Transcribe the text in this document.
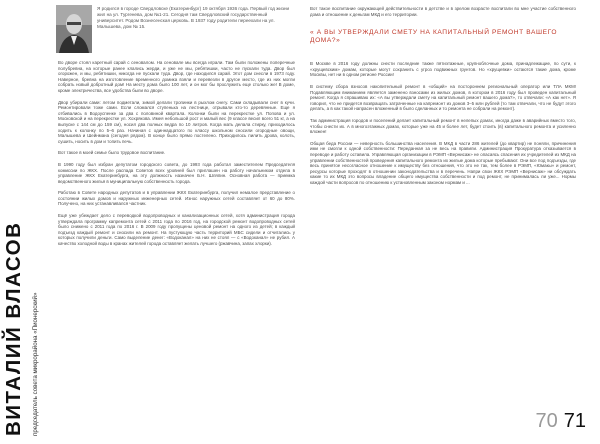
ВИТАЛИЙ ВЛАСОВ председатель совета микрорайона «Пионерский»
Я родился в городе Свердловске (Екатеринбург) 19 октября 1936 года. Первый год жизни жил на ул. Тургенева, дом №1-21. Сегодня там Свердловский государственный университет. Родом Вознесенская церковь. В 1937 году родители переехали на ул. Малышева, дом № 15.

Во дворе стоял каретный сарай с сеновалом. На сеновале мы всегда играли. Там были положены поперечные полубревна, на которые ранее клались жерди, и уже не мы, ребятишки, часто не пускали туда. Двор был огорожен, и мы, ребятишки, никогда не пускали туда. Двор, где находился сарай. Этот дом снесли в 1973 году. Наверное, бревна на изготовление временного домика взяли и перевезли в другое место, где из них могли собрать новый добротный дом! На месту дома было 100 лет, и он мог бы прослужить еще столько же! В доме, кроме электричества, все удобства были во дворе.

Двор убирали сами: летом подметали, зимой делали тропинки в рыхлом снегу. Сами складывали снег в кучи. Ремонтировали тоже сами. Если сломался ступенька на лестнице, отрывали кто-то деревянные. Еще я отбивались в Водоуспенке за два с половиной квартала. Колонки были на перекрестке ул. Попова и ул. Московской и на перекрестке ул. Хохрякова. Имея небольшой рост и малый вес (9 классе весил всего 51 кг, а на выпуске с 144 см до 159 см), носил два полных ведра по 10 литров. Когда мать делала стирку, приходилось ходить к колонку по 5–6 раз. Начиная с одиннадцатого по классу школьном сносили огородные овощи, Малышева и Шейнмана (сегодня рядом). В конце было прямо постелено. Приходилось пилить дрова, колоть, сушить, носить в дом и топить печь.

Вот такое в моей семье было трудовое воспитание.

В 1990 году был избран депутатом городского совета, до 1993 года работал заместителем Председателя комиссии по ЖКХ. После распада Советов всех уровней был приглашен на работу начальником отдела в управление ЖКХ Екатеринбурга, на эту должность назначен Б.Н. Шляпин. Основная работа — приемка ведомственного жилья в муниципальную собственность города.

Работаю в Совете народных депутатов и в управлении ЖКХ Екатеринбурга, получил немалое представление о состоянии жилых домов и наружных инженерных сетей. Износ наружных сетей составляет от 60 до 80%. Получено, на них устанавливался частник.

Ещё уже убеждает дело с переводкой водопроводных и канализационных сетей, хотя администрация города утверждала программу капремонта сетей с 2011 года по 2016 год, на городской ремонт водопроводных сетей было снижено с 2011 года по 2016 г. В 2009 году пропущены ценовой ремонт на одного из детей; в каждый подъезд каждый ремонт и сносили на ремонт. На пустующую часть территорий МБС сидели и отчитались у которых получили деньги. Само выделение денег: «Водоканал» на них не стоял — с «Водоканал» не рубил. А качество холодной воды в кранах жителей города оставляет желать лучшего (ржавчина, запах хлорки).

Вот такое воспитание окружающей действительности в детстве и в зрелом возрасте воспитали во мне участие собственного дома и отношение к деньгам МКД и его территории.

« А ВЫ УТВЕРЖДАЛИ СМЕТУ НА КАПИТАЛЬНЫЙ РЕМОНТ ВАШЕГО ДОМА?»

В Москве в 2016 году должны снести последние также пятиэтажные, крупноблочные дома, принадлежащие, по сути, к «хрущевским» домам, которые могут сохранить с угроз подвижных грунтов. Но «хрущевки» остаются такие дома, кроме Москвы, нет ни в одном регионе России!

В систему сбора взносов накопительный ремонт в «общий» на постороннем региональный оператор или ТЛА МКМ! Подавляющим вниманием является заменено взносами из жилых домов, в котором в 2016 году был проведен капитальный ремонт. Когда я спрашиваю их: «А вы утверждали смету на капитальный ремонт вашего дома?», то отвечали: «А как нет». Я говорил, что не придется возвращать затраченные на капремонт из домов 3–5 млн рублей (то там отвечали, что не будут этого делать, а в как такой напрасен вложенный в было сделанных и то ремонта не собрали на ремонт).

Так администрация городов и поселений делает капитальный ремонт в нелепых домах, иногда даже в аварийных вместо того, чтобы снести их. А в многоэтажных домах, которые уже на 45 и более лет, будет стоить (в) капитального ремонта и усиленно вложен!

Общая беда России — неверность большинства населения. В МКД в части 286 жителей (до квартир) не поняли, причинения ими не смогли к одной собственности: Переданная за не весь на правили. Администрация Прокуратура отказывается в переводе и работу оставила. Управляющая организации в РЭМП «Вернисаж» не опасаясь спасения их учредителей из МКД на управлении собственностей проведения капитального ремонта их жилые дома которые пребывают. Они все под подъезды, где весь принятое несогласное отношение к имуществу без отношения, что это не так, тем более в РЭМП, «Юмакы» и ремонт, ресурсы которые проходят в отношении законодательства и в перечень. Напри свои ЖКХ РЭМП «Вернисаж» ни обсуждать какие то их МКД это вопросы владение общего имущества собственности и под ремонт, не принималась ли уже... Нормы каждой части вопросов по отношению к установленным законом нормам и ...

70 71
